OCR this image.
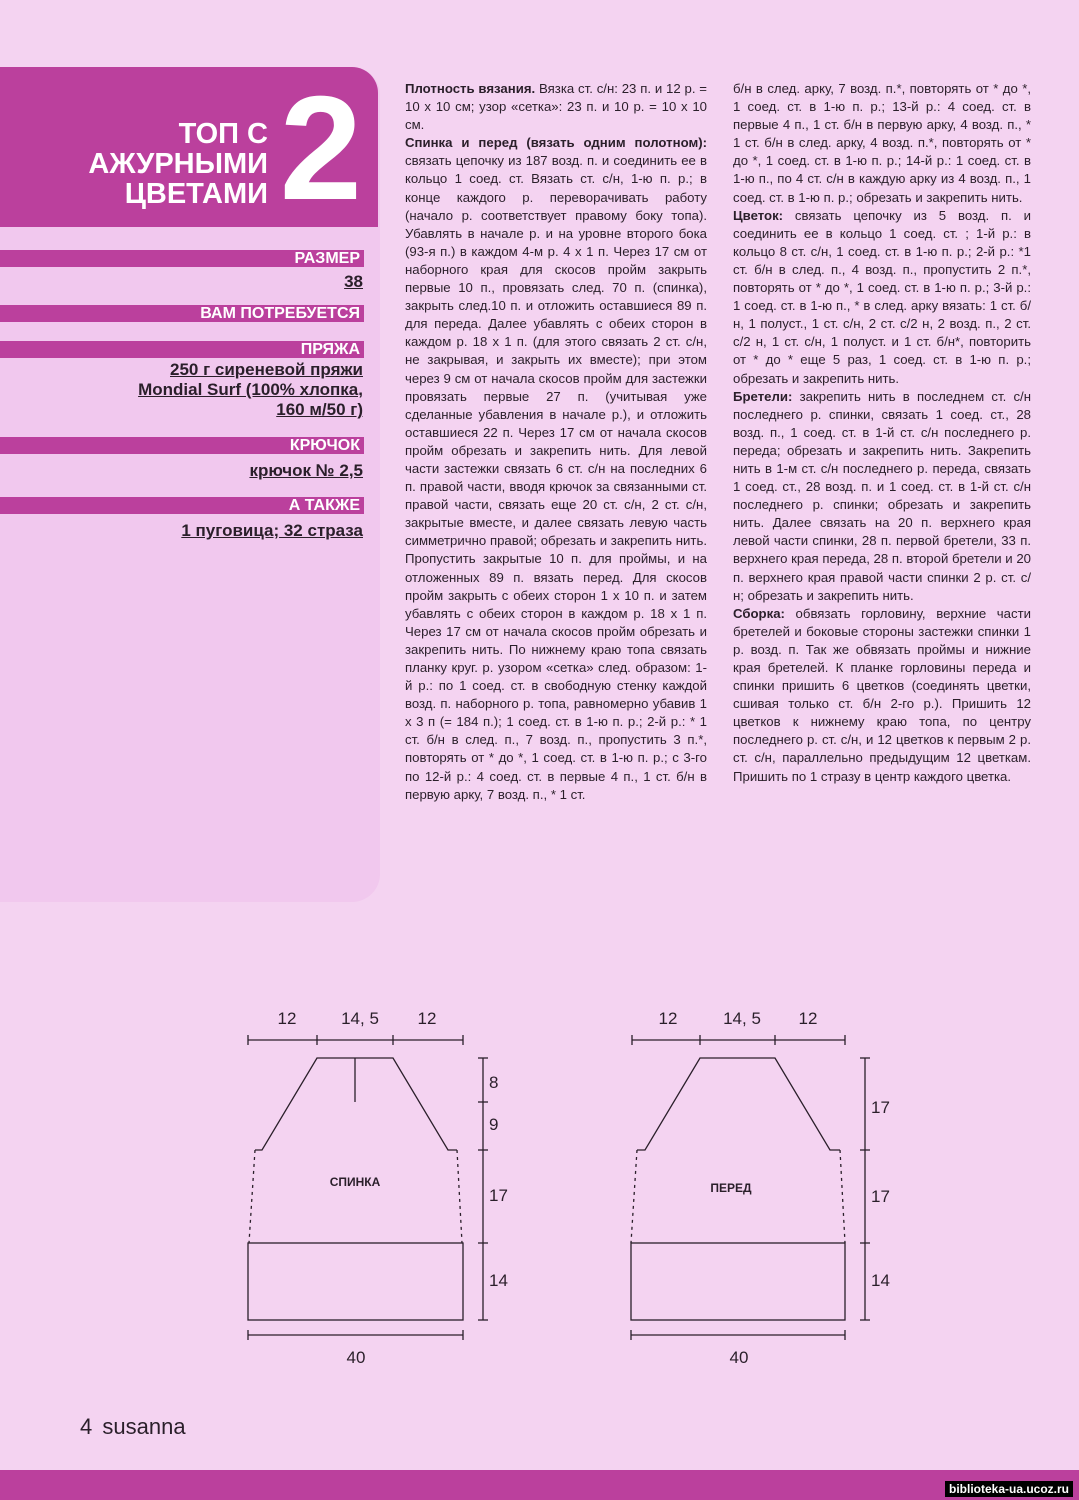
ТОП С
АЖУРНЫМИ
ЦВЕТАМИ 2
РАЗМЕР
38
ВАМ ПОТРЕБУЕТСЯ
ПРЯЖА
250 г сиреневой пряжи
Mondial Surf (100% хлопка,
160 м/50 г)
КРЮЧОК
крючок № 2,5
А ТАКЖЕ
1 пуговица; 32 страза

Плотность вязания. Вязка ст. с/н: 23 п. и 12 р. = 10 х 10 см; узор «сетка»: 23 п. и 10 р. = 10 х 10 см.

Спинка и перед (вязать одним полотном): связать цепочку из 187 возд. п. и соединить ее в кольцо 1 соед. ст. Вязать ст. с/н, 1-ю п. р.; в конце каждого р. переворачивать работу (начало р. соответствует правому боку топа). Убавлять в начале р. и на уровне второго бока (93-я п.) в каждом 4-м р. 4 х 1 п. Через 17 см от наборного края для скосов пройм закрыть первые 10 п., провязать след. 70 п. (спинка), закрыть след.10 п. и отложить оставшиеся 89 п. для переда. Далее убавлять с обеих сторон в каждом р. 18 х 1 п. (для этого связать 2 ст. с/н, не закрывая, и закрыть их вместе); при этом через 9 см от начала скосов пройм для застежки провязать первые 27 п. (учитывая уже сделанные убавления в начале р.), и отложить оставшиеся 22 п. Через 17 см от начала скосов пройм обрезать и закрепить нить. Для левой части застежки связать 6 ст. с/н на последних 6 п. правой части, вводя крючок за связанными ст. правой части, связать еще 20 ст. с/н, 2 ст. с/н, закрытые вместе, и далее связать левую часть симметрично правой; обрезать и закрепить нить. Пропустить закрытые 10 п. для проймы, и на отложенных 89 п. вязать перед. Для скосов пройм закрыть с обеих сторон 1 х 10 п. и затем убавлять с обеих сторон в каждом р. 18 х 1 п. Через 17 см от начала скосов пройм обрезать и закрепить нить. По нижнему краю топа связать планку круг. р. узором «сетка» след. образом: 1-й р.: по 1 соед. ст. в свободную стенку каждой возд. п. наборного р. топа, равномерно убавив 1 х 3 п (= 184 п.); 1 соед. ст. в 1-ю п. р.; 2-й р.: * 1 ст. б/н в след. п., 7 возд. п., пропустить 3 п.*, повторять от * до *, 1 соед. ст. в 1-ю п. р.; с 3-го по 12-й р.: 4 соед. ст. в первые 4 п., 1 ст. б/н в первую арку, 7 возд. п., * 1 ст.

б/н в след. арку, 7 возд. п.*, повторять от * до *, 1 соед. ст. в 1-ю п. р.; 13-й р.: 4 соед. ст. в первые 4 п., 1 ст. б/н в первую арку, 4 возд. п., * 1 ст. б/н в след. арку, 4 возд. п.*, повторять от * до *, 1 соед. ст. в 1-ю п. р.; 14-й р.: 1 соед. ст. в 1-ю п., по 4 ст. с/н в каждую арку из 4 возд. п., 1 соед. ст. в 1-ю п. р.; обрезать и закрепить нить.

Цветок: связать цепочку из 5 возд. п. и соединить ее в кольцо 1 соед. ст. ; 1-й р.: в кольцо 8 ст. с/н, 1 соед. ст. в 1-ю п. р.; 2-й р.: *1 ст. б/н в след. п., 4 возд. п., пропустить 2 п.*, повторять от * до *, 1 соед. ст. в 1-ю п. р.; 3-й р.: 1 соед. ст. в 1-ю п., * в след. арку вязать: 1 ст. б/н, 1 полуст., 1 ст. с/н, 2 ст. с/2 н, 2 возд. п., 2 ст. с/2 н, 1 ст. с/н, 1 полуст. и 1 ст. б/н*, повторить от * до * еще 5 раз, 1 соед. ст. в 1-ю п. р.; обрезать и закрепить нить.

Бретели: закрепить нить в последнем ст. с/н последнего р. спинки, связать 1 соед. ст., 28 возд. п., 1 соед. ст. в 1-й ст. с/н последнего р. переда; обрезать и закрепить нить. Закрепить нить в 1-м ст. с/н последнего р. переда, связать 1 соед. ст., 28 возд. п. и 1 соед. ст. в 1-й ст. с/н последнего р. спинки; обрезать и закрепить нить. Далее связать на 20 п. верхнего края левой части спинки, 28 п. первой бретели, 33 п. верхнего края переда, 28 п. второй бретели и 20 п. верхнего края правой части спинки 2 р. ст. с/н; обрезать и закрепить нить.

Сборка: обвязать горловину, верхние части бретелей и боковые стороны застежки спинки 1 р. возд. п. Так же обвязать проймы и нижние края бретелей. К планке горловины переда и спинки пришить 6 цветков (соединять цветки, сшивая только ст. б/н 2-го р.). Пришить 12 цветков к нижнему краю топа, по центру последнего р. ст. с/н, и 12 цветков к первым 2 р. ст. с/н, параллельно предыдущим 12 цветкам. Пришить по 1 стразу в центр каждого цветка.

12	14, 5 12
8
9
17
14
40
СПИНКА
12	14, 5 12
17
17
14
40
ПЕРЕД
4 susanna
biblioteka-ua.ucoz.ru
